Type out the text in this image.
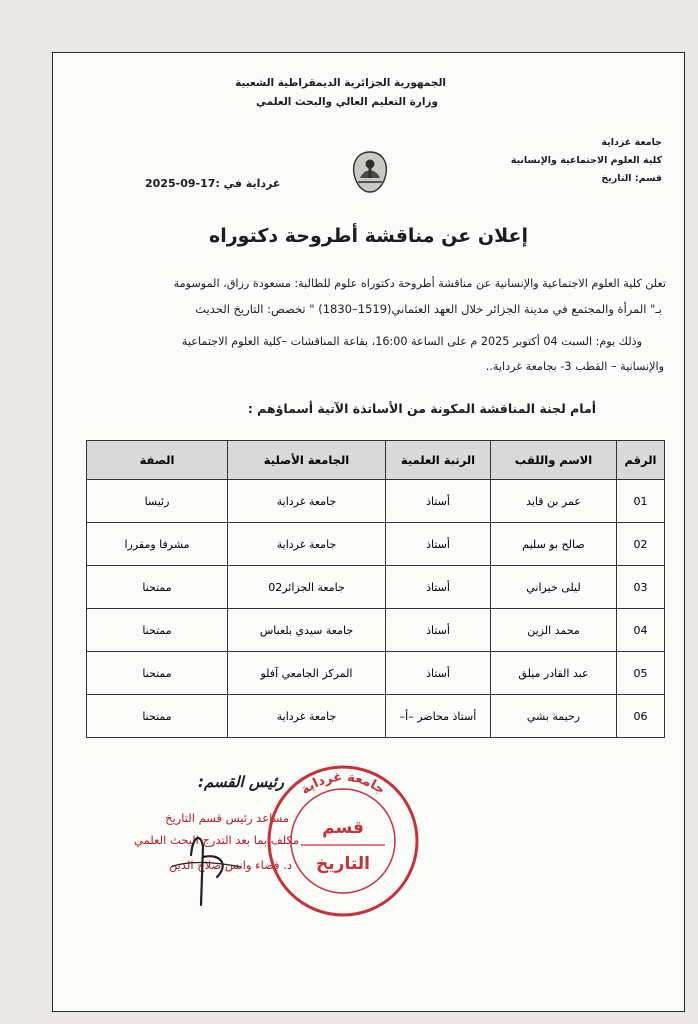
الجمهورية الجزائرية الديمقراطية الشعبية
وزارة التعليم العالي والبحث العلمي
جامعة غرداية
كلية العلوم الاجتماعية والإنسانية
قسم: التاريخ
غرداية في :17-09-2025
إعلان عن مناقشة أطروحة دكتوراه
تعلن كلية العلوم الاجتماعية والإنسانية عن مناقشة أطروحة دكتوراه علوم للطالبة: مسعودة رزاق، الموسومة
بـ" المرأة والمجتمع في مدينة الجزائر خلال العهد العثماني(1519–1830) " تخصص: التاريخ الحديث
وذلك يوم: السبت 04 أكتوبر 2025 م على الساعة 16:00، بقاعة المناقشات –كلية العلوم الاجتماعية
والإنسانية – القطب 3- بجامعة غرداية..
أمام لجنة المناقشة المكونة من الأساتذة الآتية أسماؤهم :
الرقم	الاسم واللقب	الرتبة العلمية	الجامعة الأصلية	الصفة
01	عمر بن قايد	أستاذ	جامعة غرداية	رئيسا
02	صالح بو سليم	أستاذ	جامعة غرداية	مشرفا ومقررا
03	ليلى خيراني	أستاذ	جامعة الجزائر02	ممتحنا
04	محمد الزين	أستاذ	جامعة سيدي بلعباس	ممتحنا
05	عبد القادر ميلق	أستاذ	المركز الجامعي آفلو	ممتحنا
06	رحيمة بشي	أستاذ محاضر –أ–	جامعة غرداية	ممتحنا
رئيس القسم:
مساعد رئيس قسم التاريخ
مكلف بما بعد التدرج البحث العلمي
د. فضاء وانس صلاح الدين
جامعة غرداية
قسم
التاريخ
